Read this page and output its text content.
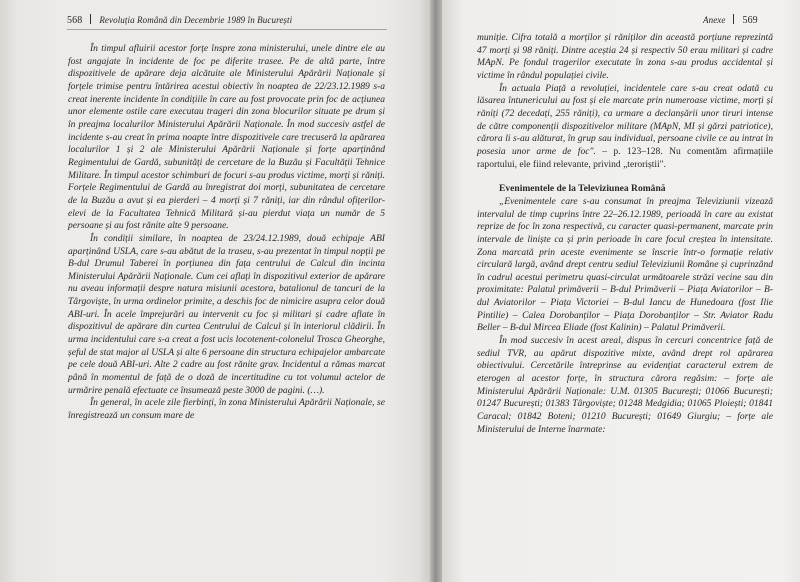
568 Revoluția Română din Decembrie 1989 în București	Anexe 569

În timpul afluirii acestor forțe înspre zona ministerului, unele dintre ele au fost angajate în incidente de foc pe diferite trasee. Pe de altă parte, între dispozitivele de apărare deja alcătuite ale Ministerului Apărării Naționale și forțele trimise pentru întărirea acestui obiectiv în noaptea de 22/23.12.1989 s-a creat inerente incidente în condițiile în care au fost provocate prin foc de acțiunea unor elemente ostile care executau trageri din zona blocurilor situate pe drum și în preajma localurilor Ministerului Apărării Naționale. În mod succesiv astfel de incidente s-au creat în prima noapte între dispozitivele care trecuseră la apărarea localurilor 1 și 2 ale Ministerului Apărării Naționale și forțe aparținând Regimentului de Gardă, subunități de cercetare de la Buzău și Facultății Tehnice Militare. În timpul acestor schimburi de focuri s-au produs victime, morți și răniți. Forțele Regimentului de Gardă au înregistrat doi morți, subunitatea de cercetare de la Buzău a avut și ea pierderi – 4 morți și 7 răniți, iar din rândul ofițerilor-elevi de la Facultatea Tehnică Militară și-au pierdut viața un număr de 5 persoane și au fost rănite alte 9 persoane.

În condiții similare, în noaptea de 23/24.12.1989, două echipaje ABI aparținând USLA, care s-au abătut de la traseu, s-au prezentat în timpul nopții pe B-dul Drumul Taberei în porțiunea din fața centrului de Calcul din incinta Ministerului Apărării Naționale. Cum cei aflați în dispozitivul exterior de apărare nu aveau informații despre natura misiunii acestora, batalionul de tancuri de la Târgoviște, în urma ordinelor primite, a deschis foc de nimicire asupra celor două ABI-uri. În acele împrejurări au intervenit cu foc și militari și cadre aflate în dispozitivul de apărare din curtea Centrului de Calcul și în interiorul clădirii. În urma incidentului care s-a creat a fost ucis locotenent-colonelul Trosca Gheorghe, șeful de stat major al USLA și alte 6 persoane din structura echipajelor ambarcate pe cele două ABI-uri. Alte 2 cadre au fost rănite grav. Incidentul a rămas marcat până în momentul de față de o doză de incertitudine cu tot volumul actelor de urmărire penală efectuate ce însumează peste 3000 de pagini. (…).

În general, în acele zile fierbinți, în zona Ministerului Apărării Naționale, se înregistrează un consum mare de

muniție. Cifra totală a morților și răniților din această porțiune reprezintă 47 morți și 98 răniți. Dintre aceștia 24 și respectiv 50 erau militari și cadre MApN. Pe fondul tragerilor executate în zona s-au produs accidental și victime în rândul populației civile.

În actuala Piață a revoluției, incidentele care s-au creat odată cu lăsarea întunericului au fost și ele marcate prin numeroase victime, morți și răniți (72 decedați, 255 răniți), ca urmare a declanșării unor tiruri intense de către componenții dispozitivelor militare (MApN, MI și gărzi patriotice), cărora li s-au alăturat, în grup sau individual, persoane civile ce au intrat în posesia unor arme de foc". – p. 123–128. Nu comentăm afirmațiile raportului, ele fiind relevante, privind „teroriștii".

Evenimentele de la Televiziunea Română

„Evenimentele care s-au consumat în preajma Televiziunii vizează intervalul de timp cuprins între 22–26.12.1989, perioadă în care au existat reprize de foc în zona respectivă, cu caracter quasi-permanent, marcate prin intervale de liniște ca și prin perioade în care focul creștea în intensitate. Zona marcată prin aceste evenimente se înscrie într-o formație relativ circulară largă, având drept centru sediul Televiziunii Române și cuprinzând în cadrul acestui perimetru quasi-circulat următoarele străzi vecine sau din proximitate: Palatul primăverii – B-dul Primăverii – Piața Aviatorilor – B-dul Aviatorilor – Piața Victoriei – B-dul Iancu de Hunedoara (fost Ilie Pintilie) – Calea Dorobanților – Piața Dorobanților – Str. Aviator Radu Beller – B-dul Mircea Eliade (fost Kalinin) – Palatul Primăverii.

În mod succesiv în acest areal, dispus în cercuri concentrice față de sediul TVR, au apărut dispozitive mixte, având drept rol apărarea obiectivului. Cercetările întreprinse au evidențiat caracterul extrem de eterogen al acestor forțe, în structura cărora regăsim: – forțe ale Ministerului Apărării Naționale: U.M. 01305 București; 01066 București; 01247 București; 01383 Târgoviște; 01248 Medgidia; 01065 Ploiești; 01841 Caracal; 01842 Boteni; 01210 București; 01649 Giurgiu; – forțe ale Ministerului de Interne înarmate:
